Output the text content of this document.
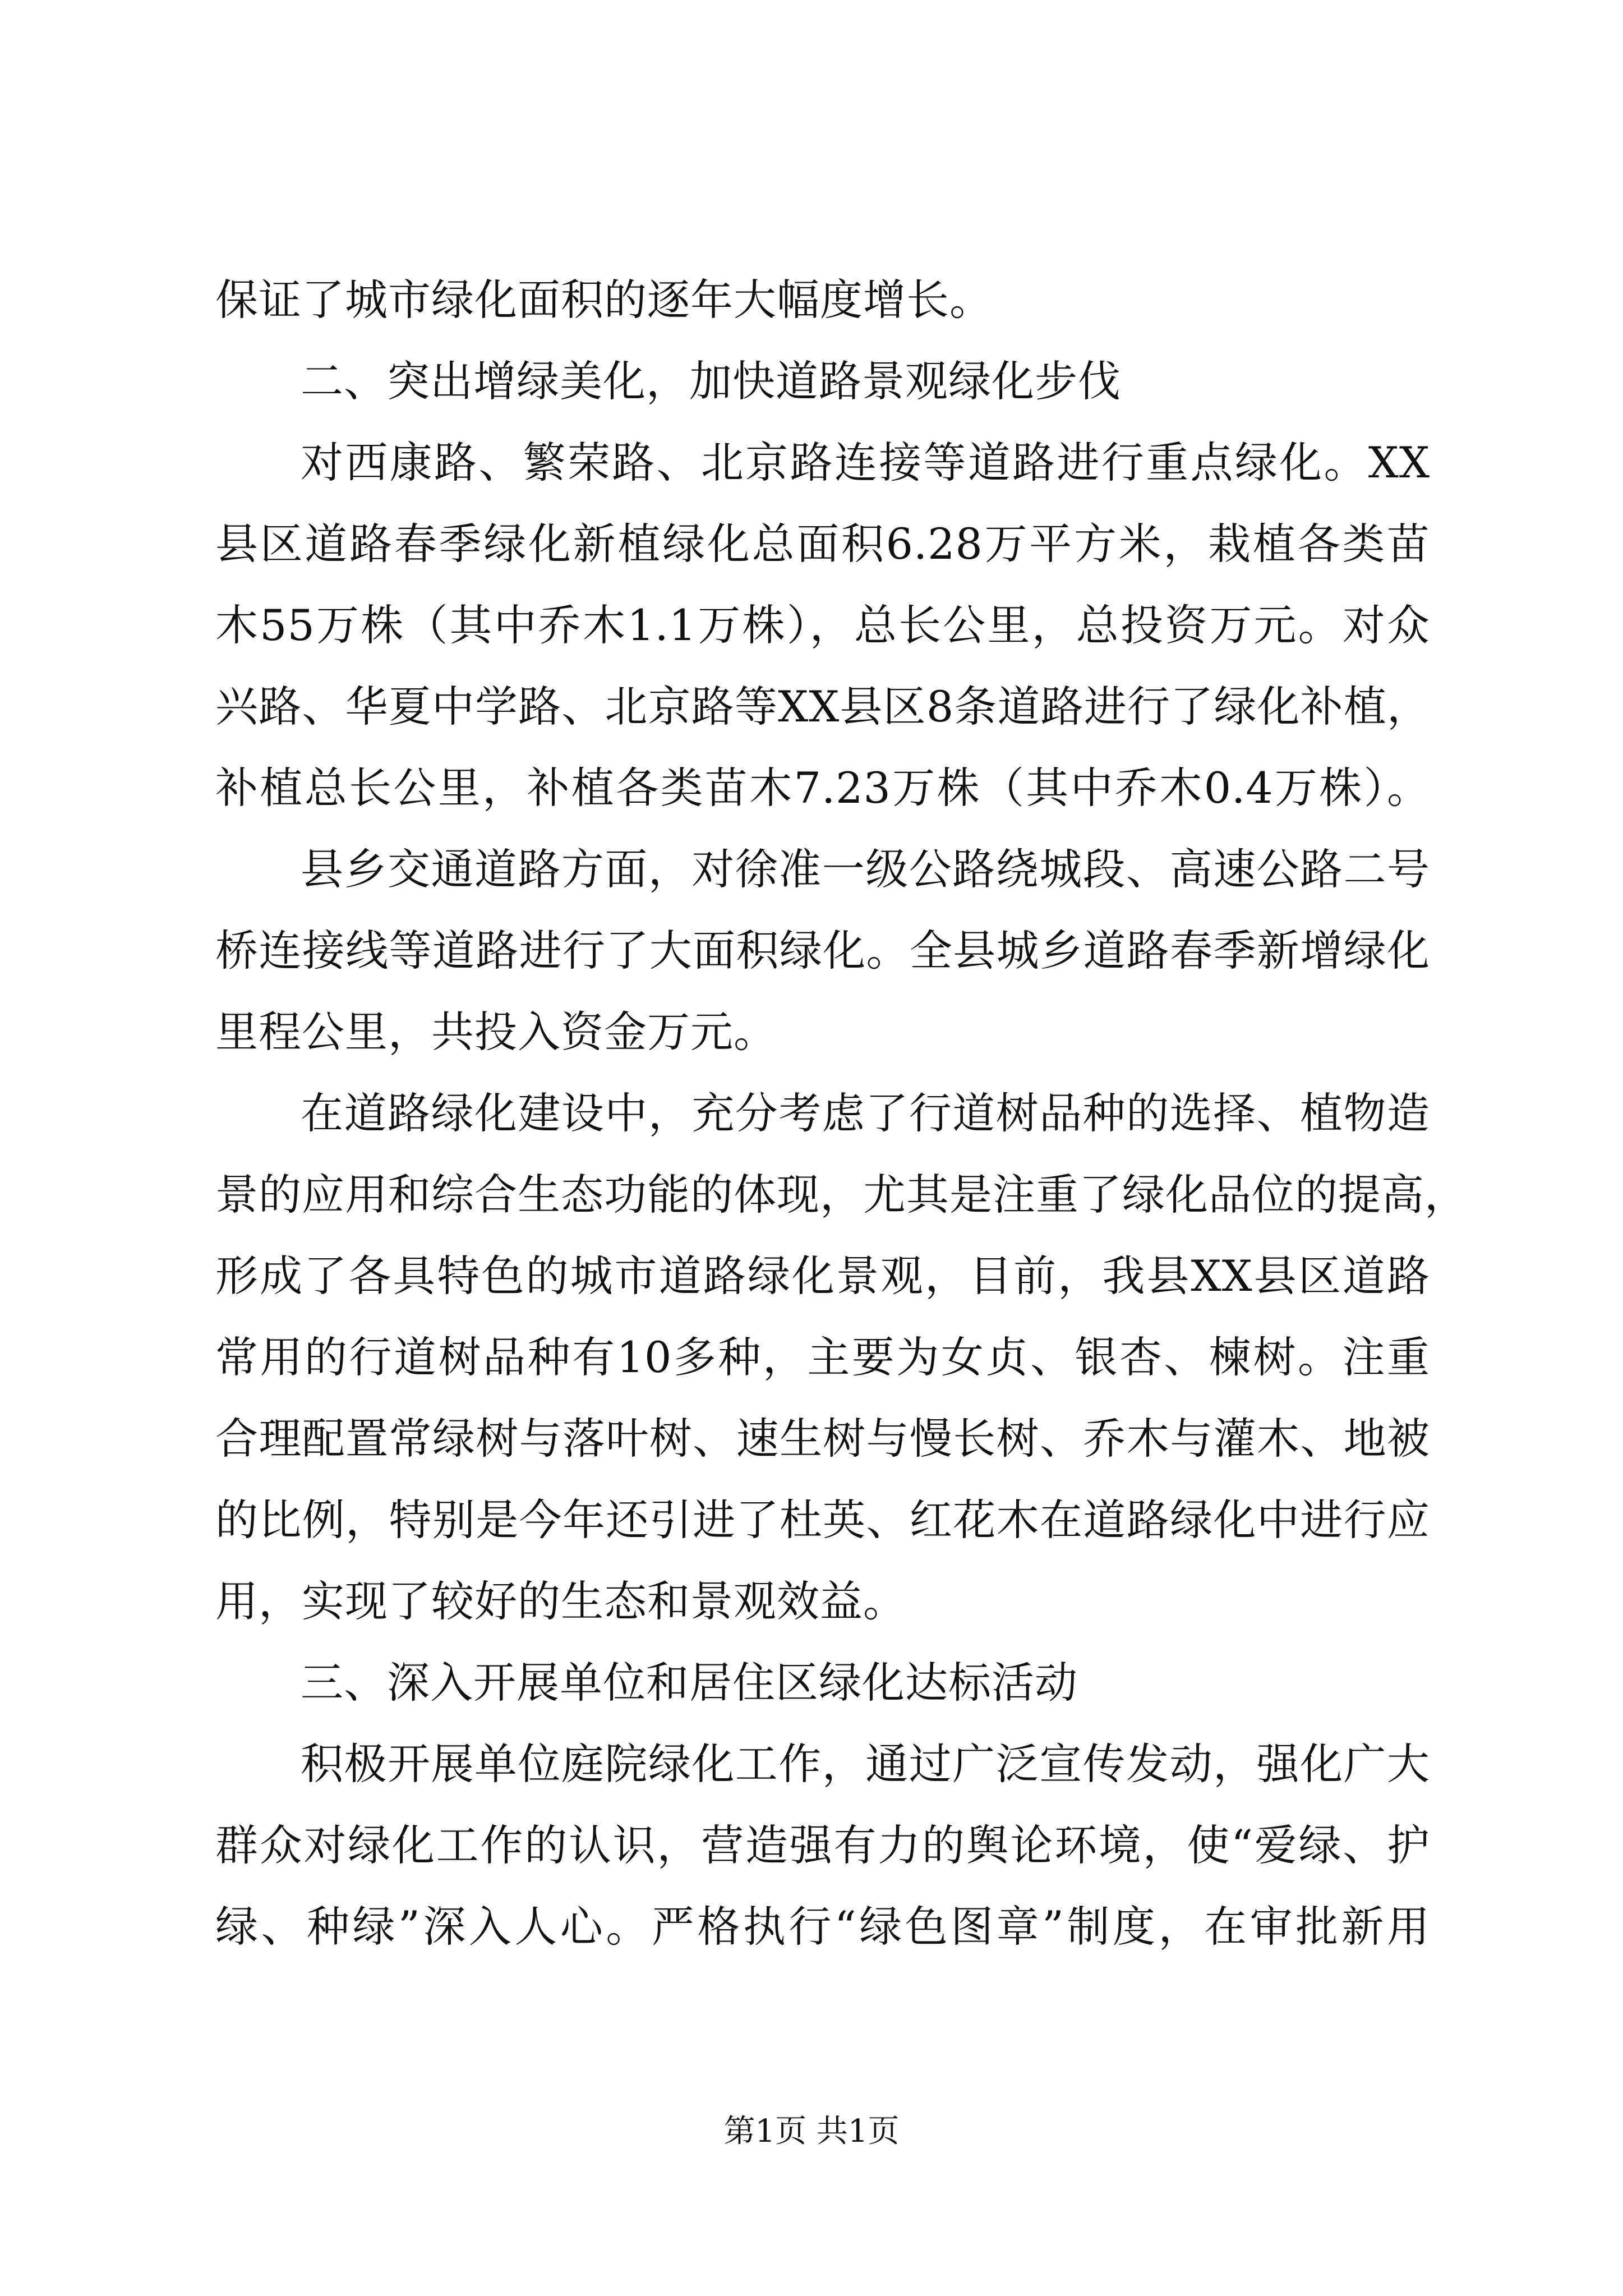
保证了城市绿化面积的逐年大幅度增长。
二、突出增绿美化，加快道路景观绿化步伐
对西康路、繁荣路、北京路连接等道路进行重点绿化。XX
县区道路春季绿化新植绿化总面积6.28万平方米，栽植各类苗
木55万株（其中乔木1.1万株），总长公里，总投资万元。对众
兴路、华夏中学路、北京路等XX县区8条道路进行了绿化补植，
补植总长公里，补植各类苗木7.23万株（其中乔木0.4万株）。
县乡交通道路方面，对徐准一级公路绕城段、高速公路二号
桥连接线等道路进行了大面积绿化。全县城乡道路春季新增绿化
里程公里，共投入资金万元。
在道路绿化建设中，充分考虑了行道树品种的选择、植物造
景的应用和综合生态功能的体现，尤其是注重了绿化品位的提高，
形成了各具特色的城市道路绿化景观，目前，我县XX县区道路
常用的行道树品种有10多种，主要为女贞、银杏、楝树。注重
合理配置常绿树与落叶树、速生树与慢长树、乔木与灌木、地被
的比例，特别是今年还引进了杜英、红花木在道路绿化中进行应
用，实现了较好的生态和景观效益。
三、深入开展单位和居住区绿化达标活动
积极开展单位庭院绿化工作，通过广泛宣传发动，强化广大
群众对绿化工作的认识，营造强有力的舆论环境，使“爱绿、护
绿、种绿”深入人心。严格执行“绿色图章”制度，在审批新用
第1页 共1页
